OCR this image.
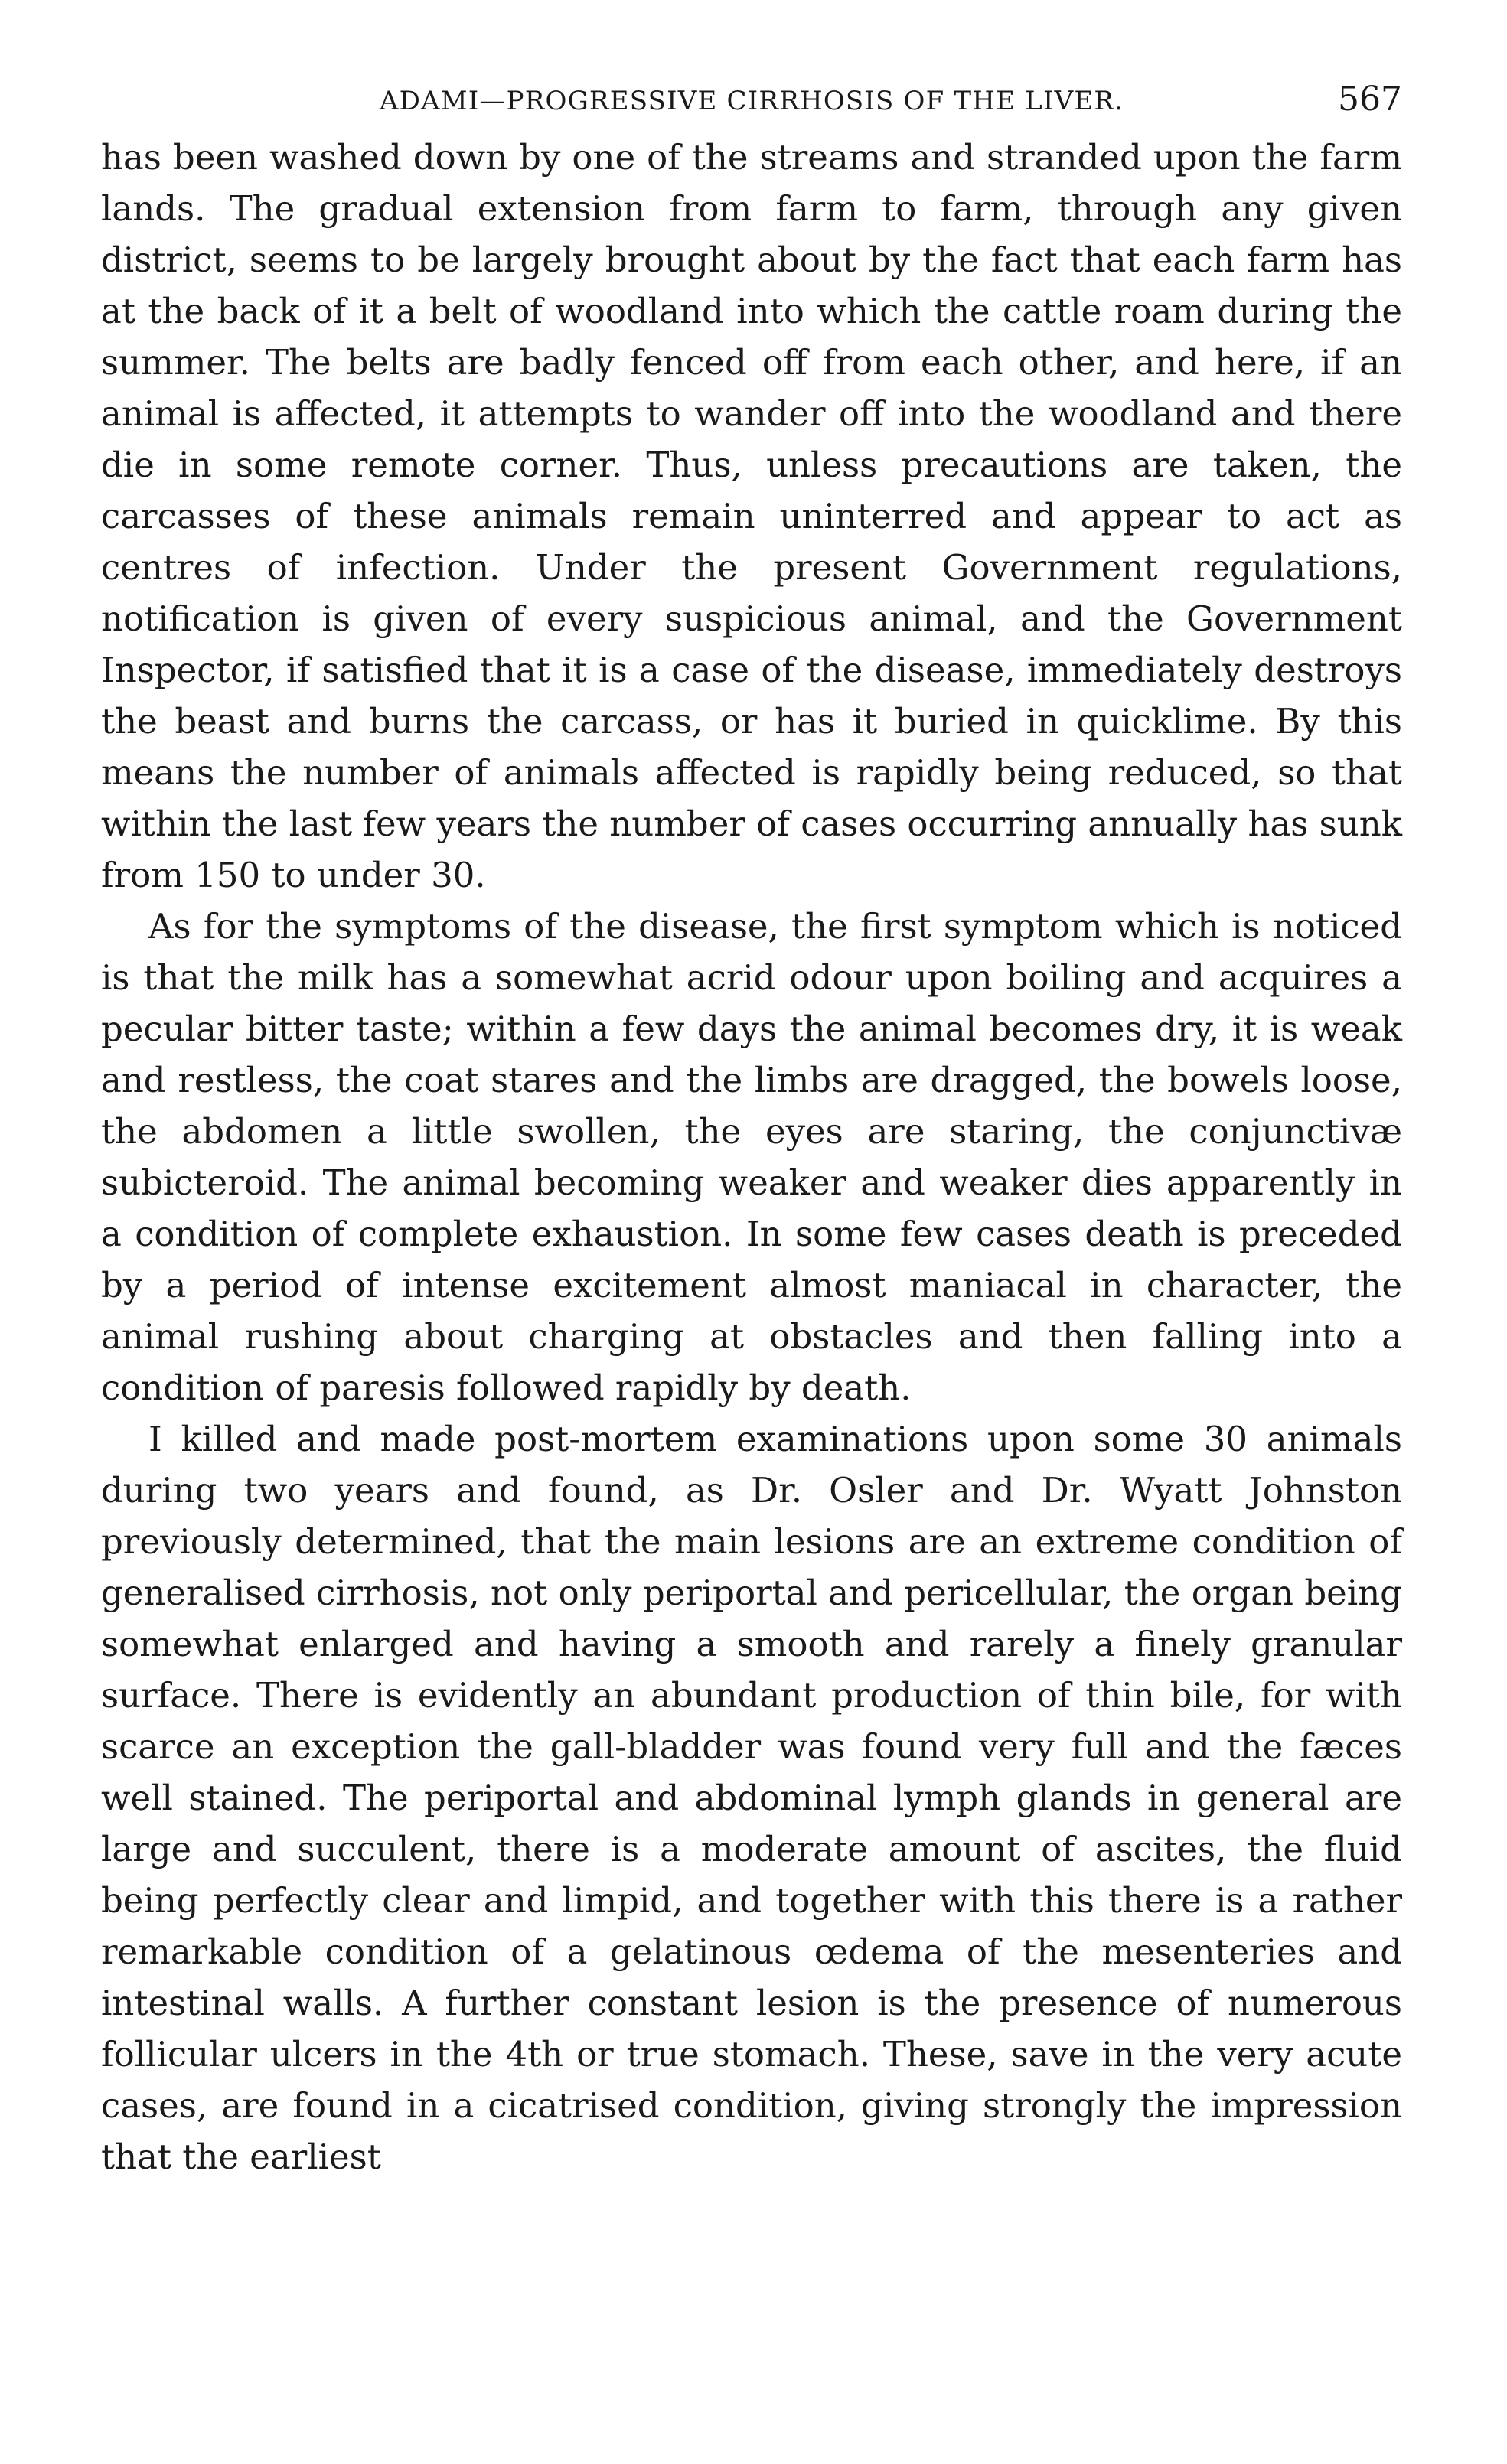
ADAMI—PROGRESSIVE CIRRHOSIS OF THE LIVER.	567

has been washed down by one of the streams and stranded upon the farm lands. The gradual extension from farm to farm, through any given district, seems to be largely brought about by the fact that each farm has at the back of it a belt of woodland into which the cattle roam during the summer. The belts are badly fenced off from each other, and here, if an animal is affected, it attempts to wander off into the woodland and there die in some remote corner. Thus, unless precautions are taken, the carcasses of these animals remain uninterred and appear to act as centres of infection. Under the present Government regulations, notification is given of every suspicious animal, and the Government Inspector, if satisfied that it is a case of the disease, immediately destroys the beast and burns the carcass, or has it buried in quicklime. By this means the number of animals affected is rapidly being reduced, so that within the last few years the number of cases occurring annually has sunk from 150 to under 30.

As for the symptoms of the disease, the first symptom which is noticed is that the milk has a somewhat acrid odour upon boiling and acquires a pecular bitter taste; within a few days the animal becomes dry, it is weak and restless, the coat stares and the limbs are dragged, the bowels loose, the abdomen a little swollen, the eyes are staring, the conjunctivæ subicteroid. The animal becoming weaker and weaker dies apparently in a condition of complete exhaustion. In some few cases death is preceded by a period of intense excitement almost maniacal in character, the animal rushing about charging at obstacles and then falling into a condition of paresis followed rapidly by death.

I killed and made post-mortem examinations upon some 30 animals during two years and found, as Dr. Osler and Dr. Wyatt Johnston previously determined, that the main lesions are an extreme condition of generalised cirrhosis, not only periportal and pericellular, the organ being somewhat enlarged and having a smooth and rarely a finely granular surface. There is evidently an abundant production of thin bile, for with scarce an exception the gall-bladder was found very full and the fæces well stained. The periportal and abdominal lymph glands in general are large and succulent, there is a moderate amount of ascites, the fluid being perfectly clear and limpid, and together with this there is a rather remarkable condition of a gelatinous œdema of the mesenteries and intestinal walls. A further constant lesion is the presence of numerous follicular ulcers in the 4th or true stomach. These, save in the very acute cases, are found in a cicatrised condition, giving strongly the impression that the earliest
